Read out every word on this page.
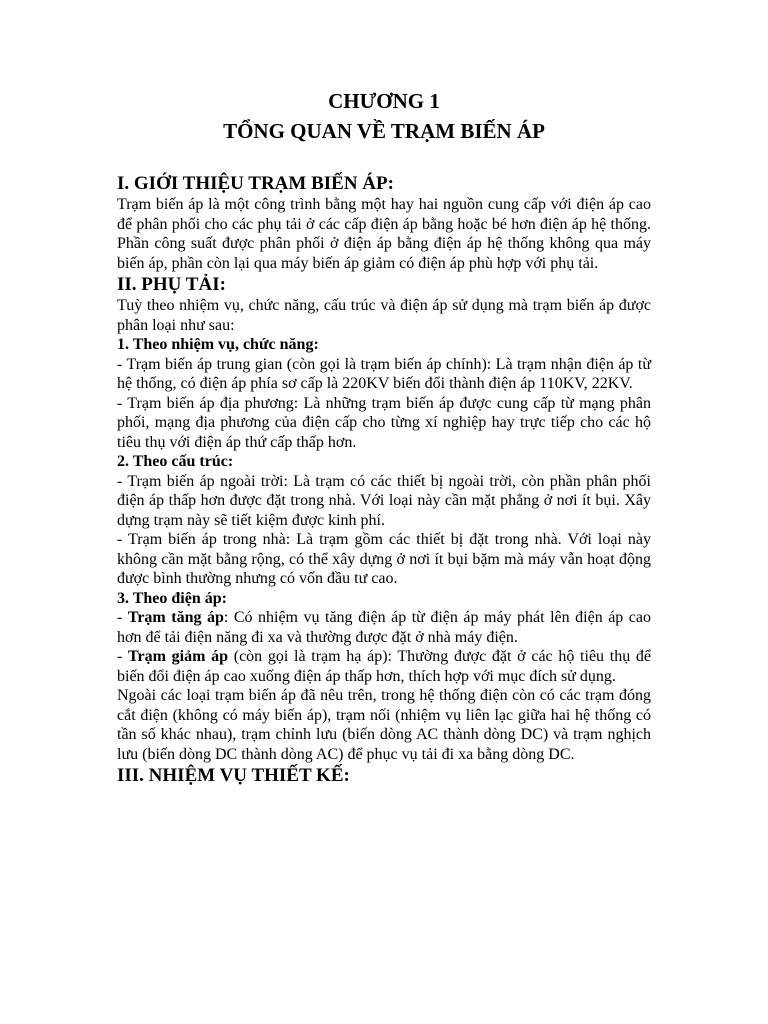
CHƯƠNG 1
TỔNG QUAN VỀ TRẠM BIẾN ÁP
I. GIỚI THIỆU TRẠM BIẾN ÁP:

Trạm biến áp là một công trình bằng một hay hai nguồn cung cấp với điện áp cao để phân phối cho các phụ tải ở các cấp điện áp bằng hoặc bé hơn điện áp hệ thống. Phần công suất được phân phối ở điện áp bằng điện áp hệ thống không qua máy biến áp, phần còn lại qua máy biến áp giảm có điện áp phù hợp với phụ tải.

II. PHỤ TẢI:

Tuỳ theo nhiệm vụ, chức năng, cấu trúc và điện áp sử dụng mà trạm biến áp được phân loại như sau:

1. Theo nhiệm vụ, chức năng:

- Trạm biến áp trung gian (còn gọi là trạm biến áp chính): Là trạm nhận điện áp từ hệ thống, có điện áp phía sơ cấp là 220KV biến đổi thành điện áp 110KV, 22KV.

- Trạm biến áp địa phương: Là những trạm biến áp được cung cấp từ mạng phân phối, mạng địa phương của điện cấp cho từng xí nghiệp hay trực tiếp cho các hộ tiêu thụ với điện áp thứ cấp thấp hơn.

2. Theo cấu trúc:

- Trạm biến áp ngoài trời: Là trạm có các thiết bị ngoài trời, còn phần phân phối điện áp thấp hơn được đặt trong nhà. Với loại này cần mặt phẳng ở nơi ít bụi. Xây dựng trạm này sẽ tiết kiệm được kinh phí.

- Trạm biến áp trong nhà: Là trạm gồm các thiết bị đặt trong nhà. Với loại này không cần mặt bằng rộng, có thể xây dựng ở nơi ít bụi bặm mà máy vẫn hoạt động được bình thường nhưng có vốn đầu tư cao.

3. Theo điện áp:

- Trạm tăng áp: Có nhiệm vụ tăng điện áp từ điện áp máy phát lên điện áp cao hơn để tải điện năng đi xa và thường được đặt ở nhà máy điện.

- Trạm giảm áp (còn gọi là trạm hạ áp): Thường được đặt ở các hộ tiêu thụ để biến đổi điện áp cao xuống điện áp thấp hơn, thích hợp với mục đích sử dụng.

Ngoài các loại trạm biến áp đã nêu trên, trong hệ thống điện còn có các trạm đóng cắt điện (không có máy biến áp), trạm nối (nhiệm vụ liên lạc giữa hai hệ thống có tần số khác nhau), trạm chỉnh lưu (biến dòng AC thành dòng DC) và trạm nghịch lưu (biến dòng DC thành dòng AC) để phục vụ tải đi xa bằng dòng DC.

III. NHIỆM VỤ THIẾT KẾ:
